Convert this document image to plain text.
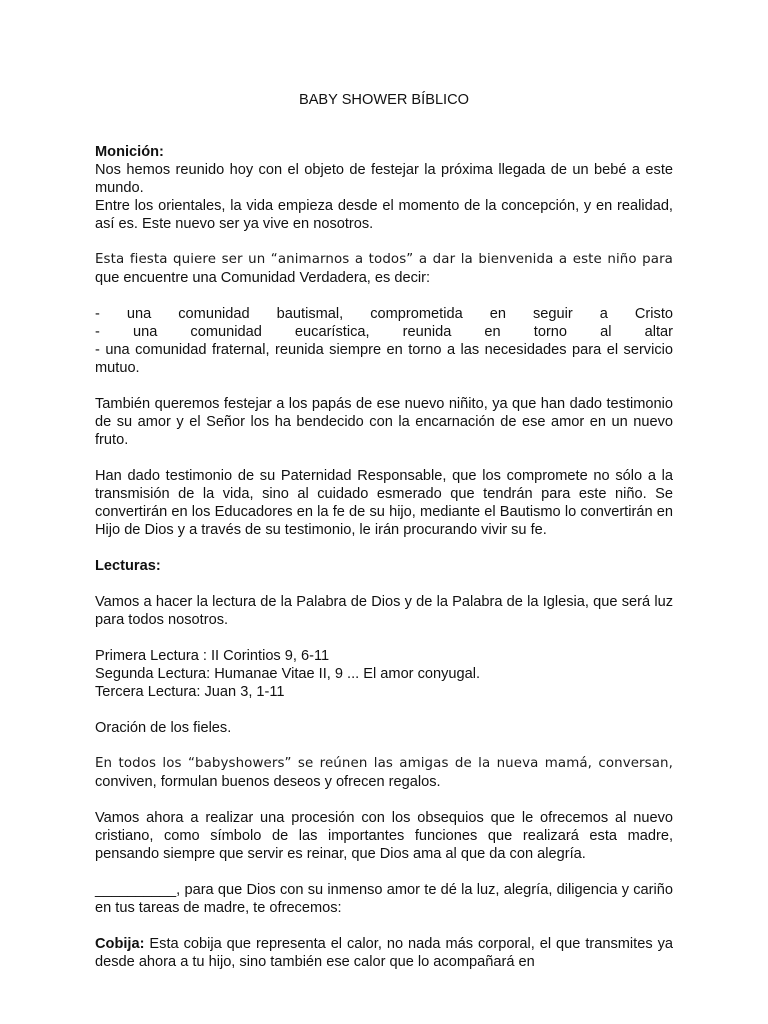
BABY SHOWER BÍBLICO
Monición:

Nos hemos reunido hoy con el objeto de festejar la próxima llegada de un bebé a este mundo.
Entre los orientales, la vida empieza desde el momento de la concepción, y en realidad, así es. Este nuevo ser ya vive en nosotros.

Esta fiesta quiere ser un “animarnos a todos” a dar la bienvenida a este niño para
que encuentre una Comunidad Verdadera, es decir:

- una comunidad bautismal, comprometida en seguir a Cristo
- una comunidad eucarística, reunida en torno al altar
- una comunidad fraternal, reunida siempre en torno a las necesidades para el servicio mutuo.

También queremos festejar a los papás de ese nuevo niñito, ya que han dado testimonio de su amor y el Señor los ha bendecido con la encarnación de ese amor en un nuevo fruto.

Han dado testimonio de su Paternidad Responsable, que los compromete no sólo a la transmisión de la vida, sino al cuidado esmerado que tendrán para este niño. Se convertirán en los Educadores en la fe de su hijo, mediante el Bautismo lo convertirán en Hijo de Dios y a través de su testimonio, le irán procurando vivir su fe.

Lecturas:

Vamos a hacer la lectura de la Palabra de Dios y de la Palabra de la Iglesia, que será luz para todos nosotros.

Primera Lectura : II Corintios 9, 6-11
Segunda Lectura: Humanae Vitae II, 9 ... El amor conyugal.
Tercera Lectura: Juan 3, 1-11

Oración de los fieles.

En todos los “babyshowers” se reúnen las amigas de la nueva mamá, conversan,
conviven, formulan buenos deseos y ofrecen regalos.

Vamos ahora a realizar una procesión con los obsequios que le ofrecemos al nuevo cristiano, como símbolo de las importantes funciones que realizará esta madre, pensando siempre que servir es reinar, que Dios ama al que da con alegría.

__________, para que Dios con su inmenso amor te dé la luz, alegría, diligencia y cariño en tus tareas de madre, te ofrecemos:

Cobija: Esta cobija que representa el calor, no nada más corporal, el que transmites ya desde ahora a tu hijo, sino también ese calor que lo acompañará en
